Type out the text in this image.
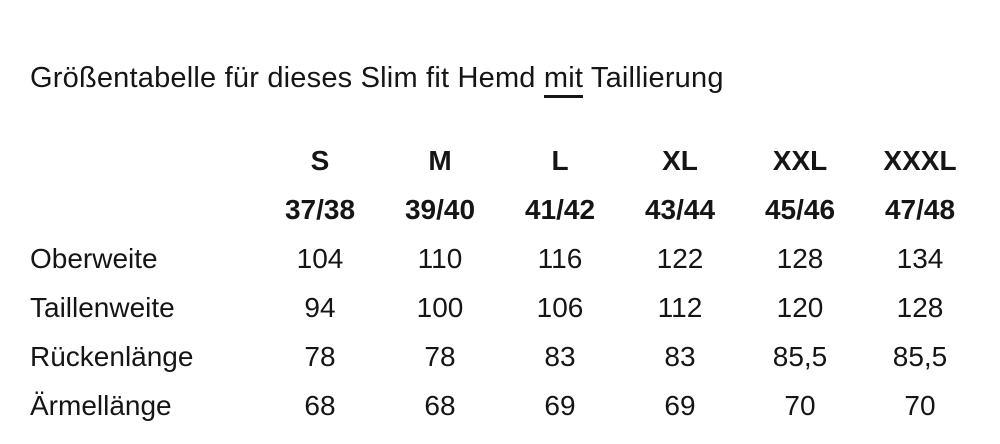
Größentabelle für dieses Slim fit Hemd mit Taillierung
	S	M	L	XL	XXL	XXXL
	37/38	39/40	41/42	43/44	45/46	47/48
Oberweite	104	110	116	122	128	134
Taillenweite	94	100	106	112	120	128
Rückenlänge	78	78	83	83	85,5	85,5
Ärmellänge	68	68	69	69	70	70
